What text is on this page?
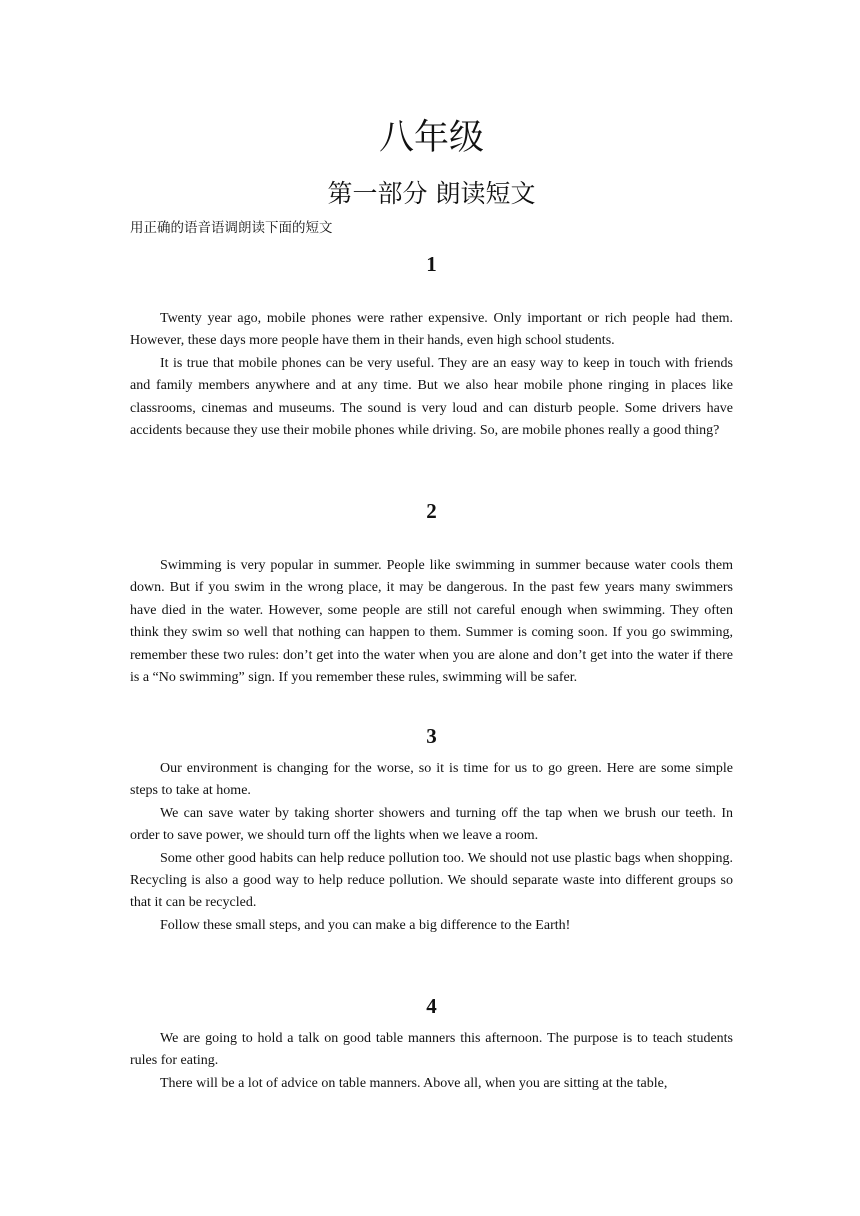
八年级
第一部分 朗读短文
用正确的语音语调朗读下面的短文
1

Twenty year ago, mobile phones were rather expensive. Only important or rich people had them. However, these days more people have them in their hands, even high school students.

It is true that mobile phones can be very useful. They are an easy way to keep in touch with friends and family members anywhere and at any time. But we also hear mobile phone ringing in places like classrooms, cinemas and museums. The sound is very loud and can disturb people. Some drivers have accidents because they use their mobile phones while driving. So, are mobile phones really a good thing?

2

Swimming is very popular in summer. People like swimming in summer because water cools them down. But if you swim in the wrong place, it may be dangerous. In the past few years many swimmers have died in the water. However, some people are still not careful enough when swimming. They often think they swim so well that nothing can happen to them. Summer is coming soon. If you go swimming, remember these two rules: don’t get into the water when you are alone and don’t get into the water if there is a “No swimming” sign. If you remember these rules, swimming will be safer.

3

Our environment is changing for the worse, so it is time for us to go green. Here are some simple steps to take at home.

We can save water by taking shorter showers and turning off the tap when we brush our teeth. In order to save power, we should turn off the lights when we leave a room.

Some other good habits can help reduce pollution too. We should not use plastic bags when shopping. Recycling is also a good way to help reduce pollution. We should separate waste into different groups so that it can be recycled.

Follow these small steps, and you can make a big difference to the Earth!

4

We are going to hold a talk on good table manners this afternoon. The purpose is to teach students rules for eating.

There will be a lot of advice on table manners. Above all, when you are sitting at the table,
